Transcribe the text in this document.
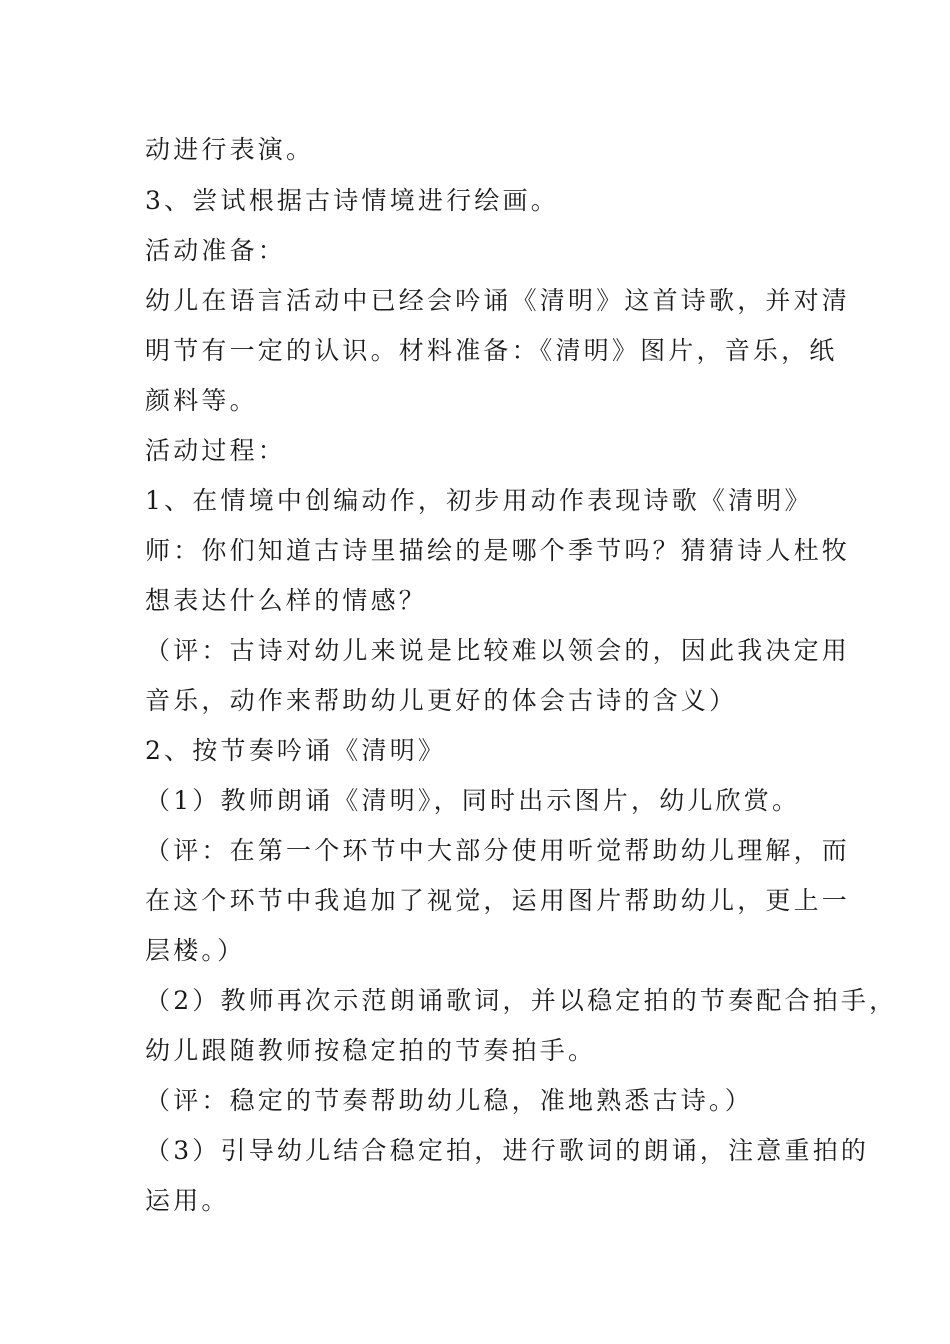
动进行表演。
3、尝试根据古诗情境进行绘画。
活动准备：
幼儿在语言活动中已经会吟诵《清明》这首诗歌，并对清
明节有一定的认识。材料准备：《清明》图片，音乐，纸
颜料等。
活动过程：
1、在情境中创编动作，初步用动作表现诗歌《清明》
师：你们知道古诗里描绘的是哪个季节吗？猜猜诗人杜牧
想表达什么样的情感？
（评：古诗对幼儿来说是比较难以领会的，因此我决定用
音乐，动作来帮助幼儿更好的体会古诗的含义）
2、按节奏吟诵《清明》
（1）教师朗诵《清明》，同时出示图片，幼儿欣赏。
（评：在第一个环节中大部分使用听觉帮助幼儿理解，而
在这个环节中我追加了视觉，运用图片帮助幼儿，更上一
层楼。）
（2）教师再次示范朗诵歌词，并以稳定拍的节奏配合拍手，
幼儿跟随教师按稳定拍的节奏拍手。
（评：稳定的节奏帮助幼儿稳，准地熟悉古诗。）
（3）引导幼儿结合稳定拍，进行歌词的朗诵，注意重拍的
运用。
